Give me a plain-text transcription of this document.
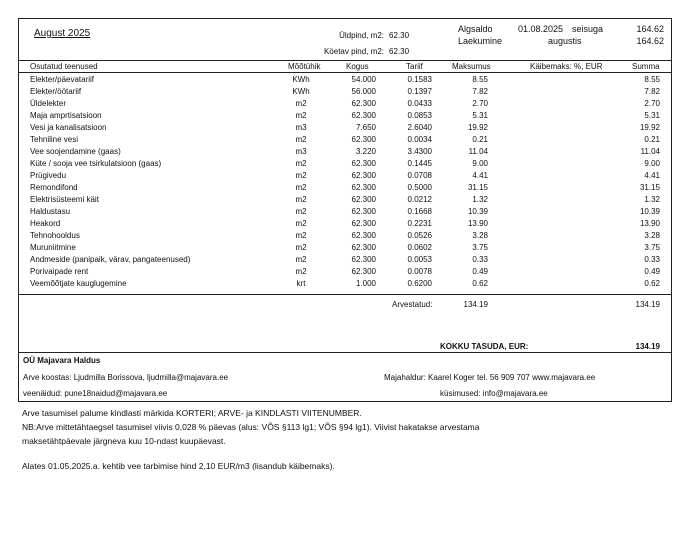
August 2025	Üldpind, m2: 62.30
Köetav pind, m2: 62.30
Algsaldo	01.08.2025 seisuga	164.62
Laekumine	augustis	164.62
Osutatud teenused	Mõõtühik	Kogus	Tariif	Maksumus	Käibemaks: %, EUR	Summa
Elekter/päevatariif	KWh	54.000	0.1583	8.55	8.55
Elekter/öötariif	KWh	56.000	0.1397	7.82	7.82
Üldelekter	m2	62.300	0.0433	2.70	2.70
Maja amprtisatsioon	m2	62.300	0.0853	5.31	5.31
Vesi ja kanalisatsioon	m3	7.650	2.6040	19.92	19.92
Tehniline vesi	m2	62.300	0.0034	0.21	0.21
Vee soojendamine (gaas)	m3	3.220	3.4300	11.04	11.04
Küte / sooja vee tsirkulatsioon (gaas)	m2	62.300	0.1445	9.00	9.00
Prügivedu	m2	62.300	0.0708	4.41	4.41
Remondifond	m2	62.300	0.5000	31.15	31.15
Elektrisüsteemi käit	m2	62.300	0.0212	1.32	1.32
Haldustasu	m2	62.300	0.1668	10.39	10.39
Heakord	m2	62.300	0.2231	13.90	13.90
Tehnohooldus	m2	62.300	0.0526	3.28	3.28
Muruniitmine	m2	62.300	0.0602	3.75	3.75
Andmeside (panipaik, värav, pangateenused)	m2	62.300	0.0053	0.33	0.33
Porivaipade rent	m2	62.300	0.0078	0.49	0.49
Veemõõtjate kauglugemine	krt	1.000	0.6200	0.62	0.62
Arvestatud:	134.19	134.19
KOKKU TASUDA, EUR:	134.19
OÜ Majavara Haldus
Arve koostas: Ljudmilla Borissova, ljudmilla@majavara.ee	Majahaldur: Kaarel Koger tel. 56 909 707 www.majavara.ee
veenäidud: pune18naidud@majavara.ee	küsimused: info@majavara.ee
Arve tasumisel palume kindlasti märkida KORTERI; ARVE- ja KINDLASTI VIITENUMBER.
NB:Arve mittetähtaegsel tasumisel viivis 0,028 % päevas (alus: VÕS §113 lg1; VÕS §94 lg1). Viivist hakatakse arvestama
maksetähtpäevale järgneva kuu 10-ndast kuupäevast.
Alates 01.05.2025.a. kehtib vee tarbimise hind 2,10 EUR/m3 (lisandub käibemaks).
